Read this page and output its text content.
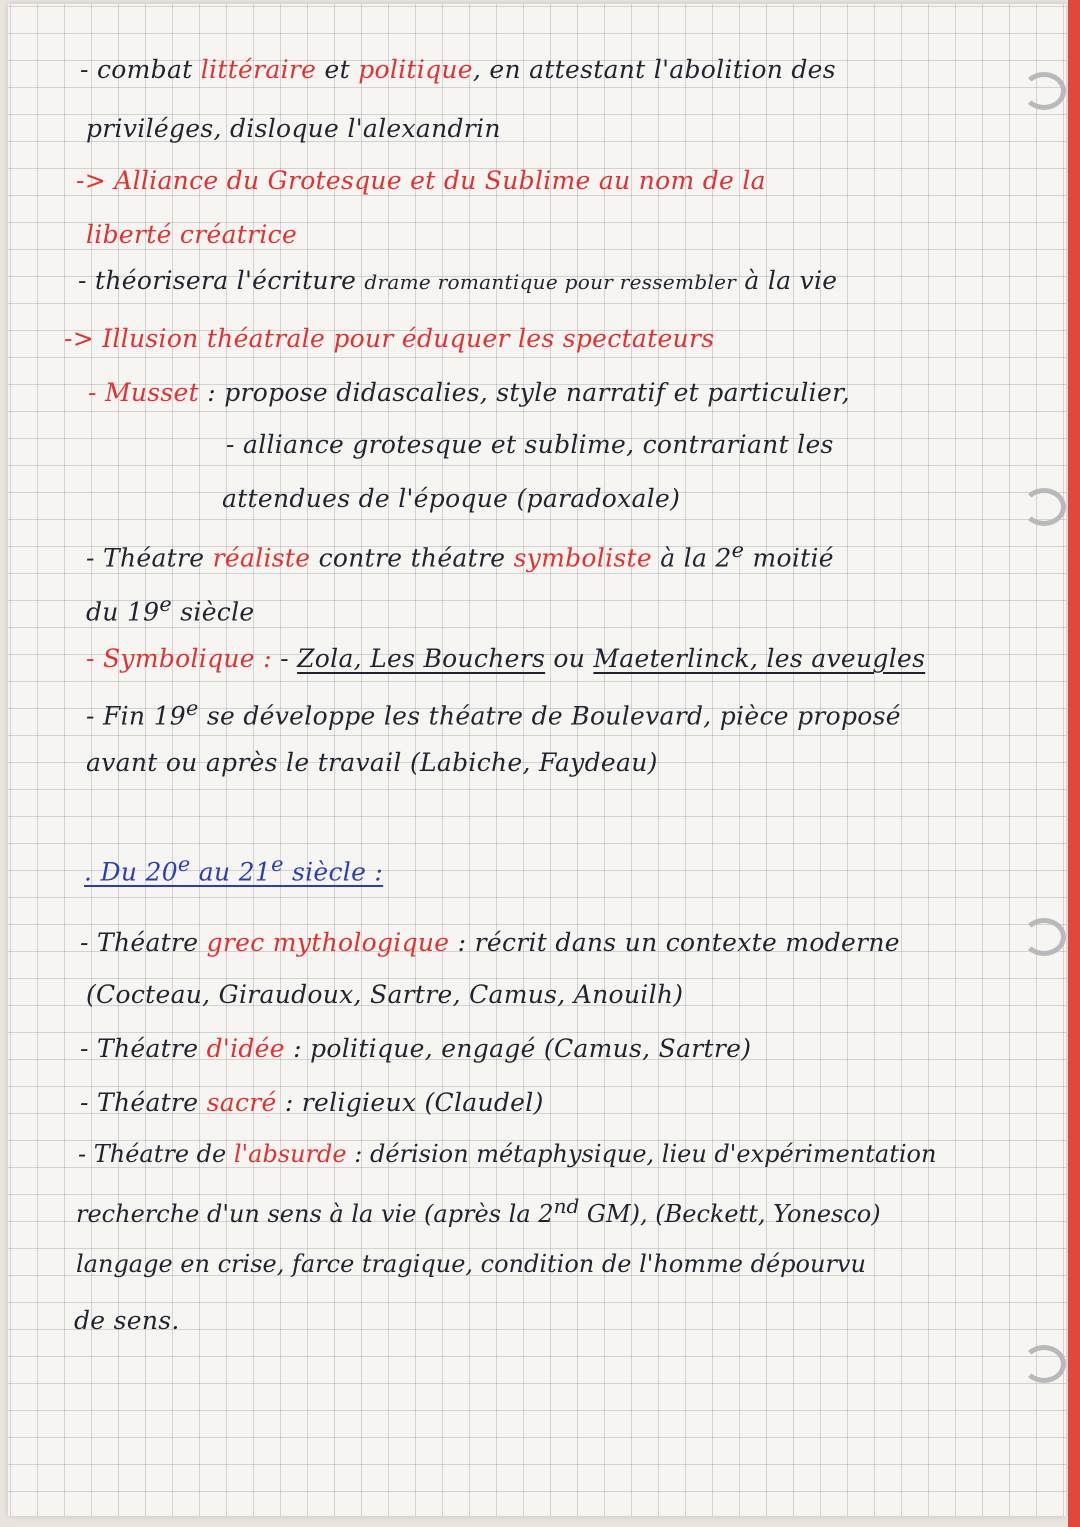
- combat littéraire et politique, en attestant l'abolition des

priviléges, disloque l'alexandrin

-> Alliance du Grotesque et du Sublime au nom de la

liberté créatrice

- théorisera l'écriture drame romantique pour ressembler à la vie

-> Illusion théatrale pour éduquer les spectateurs

- Musset : propose didascalies, style narratif et particulier,

- alliance grotesque et sublime, contrariant les

attendues de l'époque (paradoxale)

- Théatre réaliste contre théatre symboliste à la 2e moitié

du 19e siècle

- Symbolique : - Zola, Les Bouchers ou Maeterlinck, les aveugles

- Fin 19e se développe les théatre de Boulevard, pièce proposé

avant ou après le travail (Labiche, Faydeau)

. Du 20e au 21e siècle :

- Théatre grec mythologique : récrit dans un contexte moderne

(Cocteau, Giraudoux, Sartre, Camus, Anouilh)

- Théatre d'idée : politique, engagé (Camus, Sartre)

- Théatre sacré : religieux (Claudel)

- Théatre de l'absurde : dérision métaphysique, lieu d'expérimentation

recherche d'un sens à la vie (après la 2nd GM), (Beckett, Yonesco)

langage en crise, farce tragique, condition de l'homme dépourvu

de sens.
